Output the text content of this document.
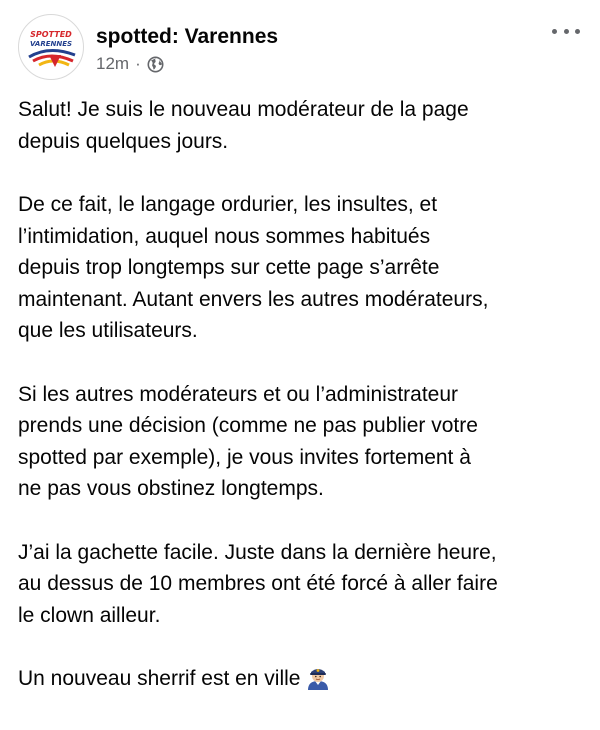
SPOTTED
VARENNES spotted: Varennes
12m ·

Salut! Je suis le nouveau modérateur de la page
depuis quelques jours.

De ce fait, le langage ordurier, les insultes, et
l’intimidation, auquel nous sommes habitués
depuis trop longtemps sur cette page s’arrête
maintenant. Autant envers les autres modérateurs,
que les utilisateurs.

Si les autres modérateurs et ou l’administrateur
prends une décision (comme ne pas publier votre
spotted par exemple), je vous invites fortement à
ne pas vous obstinez longtemps.

J’ai la gachette facile. Juste dans la dernière heure,
au dessus de 10 membres ont été forcé à aller faire
le clown ailleur.

Un nouveau sherrif est en ville
